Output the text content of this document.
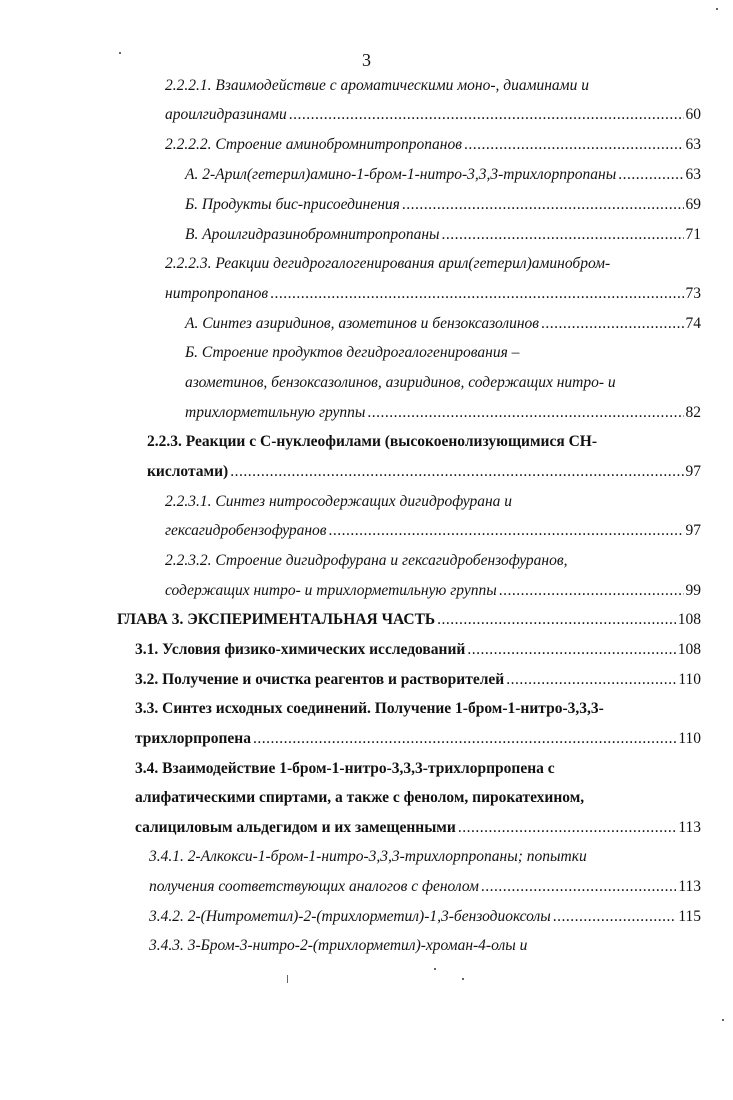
3
2.2.2.1. Взаимодействие с ароматическими моно-, диаминами и
ароилгидразинами .....	60
2.2.2.2. Строение аминобромнитропропанов .....	63
А. 2-Арил(гетерил)амино-1-бром-1-нитро-3,3,3-трихлорпропаны .....	63
Б. Продукты бис-присоединения .....	69
В. Ароилгидразинобромнитропропаны .....	71
2.2.2.3. Реакции дегидрогалогенирования арил(гетерил)аминобром-
нитропропанов .....	73
А. Синтез азиридинов, азометинов и бензоксазолинов .....	74
Б. Строение продуктов дегидрогалогенирования –
азометинов, бензоксазолинов, азиридинов, содержащих нитро- и
трихлорметильную группы .....	82
2.2.3. Реакции с С-нуклеофилами (высокоенолизующимися СН-
кислотами) .....	97
2.2.3.1. Синтез нитросодержащих дигидрофурана и
гексагидробензофуранов .....	97
2.2.3.2. Строение дигидрофурана и гексагидробензофуранов,
содержащих нитро- и трихлорметильную группы .....	99
ГЛАВА 3. ЭКСПЕРИМЕНТАЛЬНАЯ ЧАСТЬ .....	108
3.1. Условия физико-химических исследований .....	108
3.2. Получение и очистка реагентов и растворителей .....	110
3.3. Синтез исходных соединений. Получение 1-бром-1-нитро-3,3,3-
трихлорпропена .....	110
3.4. Взаимодействие 1-бром-1-нитро-3,3,3-трихлорпропена с
алифатическими спиртами, а также с фенолом, пирокатехином,
салициловым альдегидом и их замещенными .....	113
3.4.1. 2-Алкокси-1-бром-1-нитро-3,3,3-трихлорпропаны; попытки
получения соответствующих аналогов с фенолом .....	113
3.4.2. 2-(Нитрометил)-2-(трихлорметил)-1,3-бензодиоксолы .....	115
3.4.3. 3-Бром-3-нитро-2-(трихлорметил)-хроман-4-олы и
